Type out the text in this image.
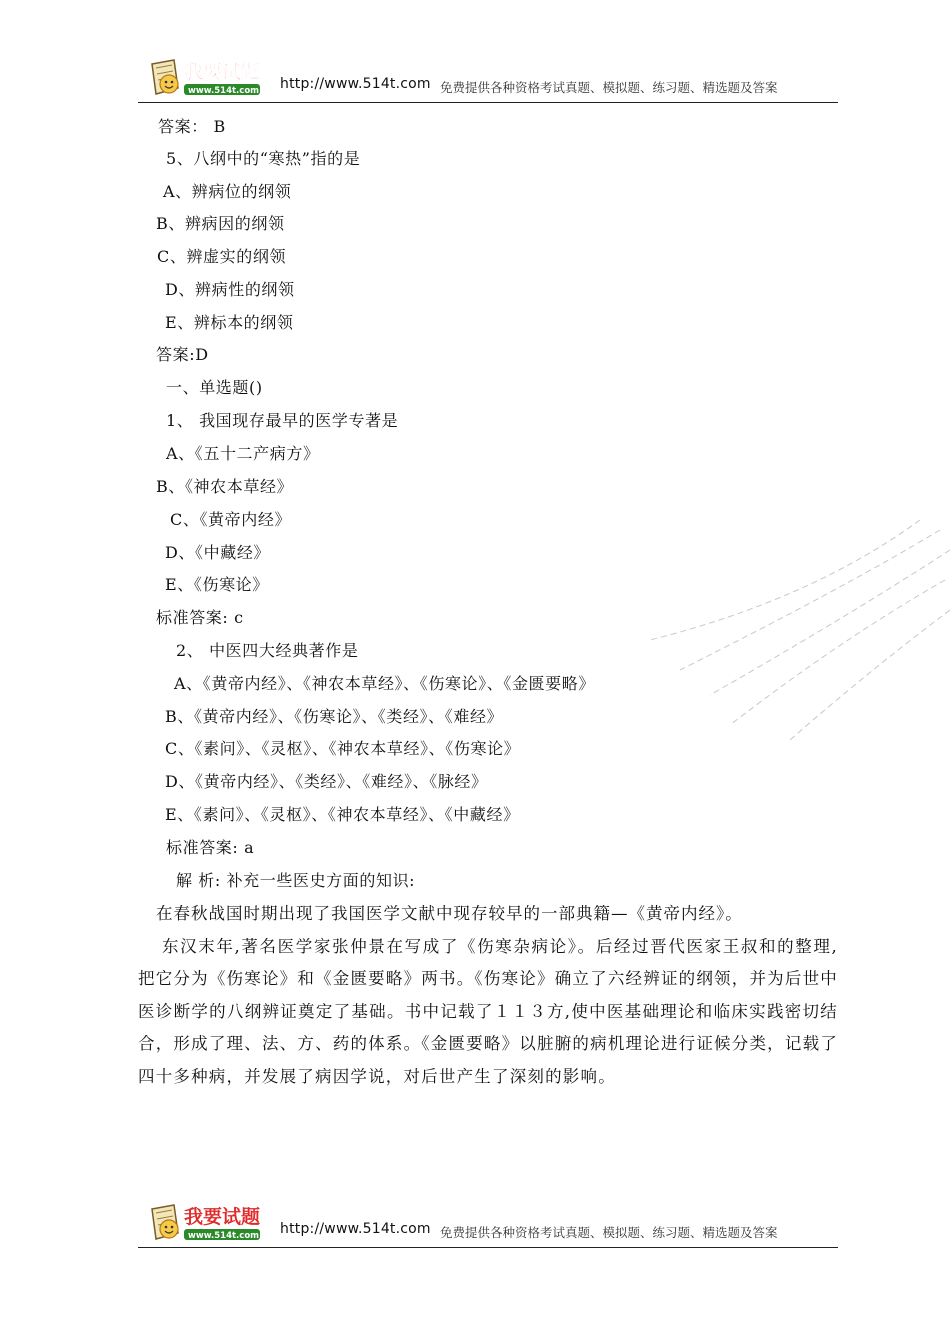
我要试题
www.514t.com http://www.514t.com 免费提供各种资格考试真题、模拟题、练习题、精选题及答案
答案： B
5、八纲中的“寒热”指的是
A、辨病位的纲领
B、辨病因的纲领
C、辨虚实的纲领
D、辨病性的纲领
E、辨标本的纲领
答案:D
一、单选题()
1、 我国现存最早的医学专著是
A、《五十二产病方》
B、《神农本草经》
C、《黄帝内经》
D、《中藏经》
E、《伤寒论》
标准答案: c
2、 中医四大经典著作是
A、《黄帝内经》、《神农本草经》、《伤寒论》、《金匮要略》
B、《黄帝内经》、《伤寒论》、《类经》、《难经》
C、《素问》、《灵枢》、《神农本草经》、《伤寒论》
D、《黄帝内经》、《类经》、《难经》、《脉经》
E、《素问》、《灵枢》、《神农本草经》、《中藏经》
标准答案: a
解 析: 补充一些医史方面的知识:
在春秋战国时期出现了我国医学文献中现存较早的一部典籍—《黄帝内经》。

东汉末年,著名医学家张仲景在写成了《伤寒杂病论》。后经过晋代医家王叔和的整理,把它分为《伤寒论》和《金匮要略》两书。《伤寒论》确立了六经辨证的纲领，并为后世中医诊断学的八纲辨证奠定了基础。书中记载了１１３方,使中医基础理论和临床实践密切结合，形成了理、法、方、药的体系。《金匮要略》以脏腑的病机理论进行证候分类，记载了四十多种病，并发展了病因学说，对后世产生了深刻的影响。

我要试题
www.514t.com http://www.514t.com 免费提供各种资格考试真题、模拟题、练习题、精选题及答案
